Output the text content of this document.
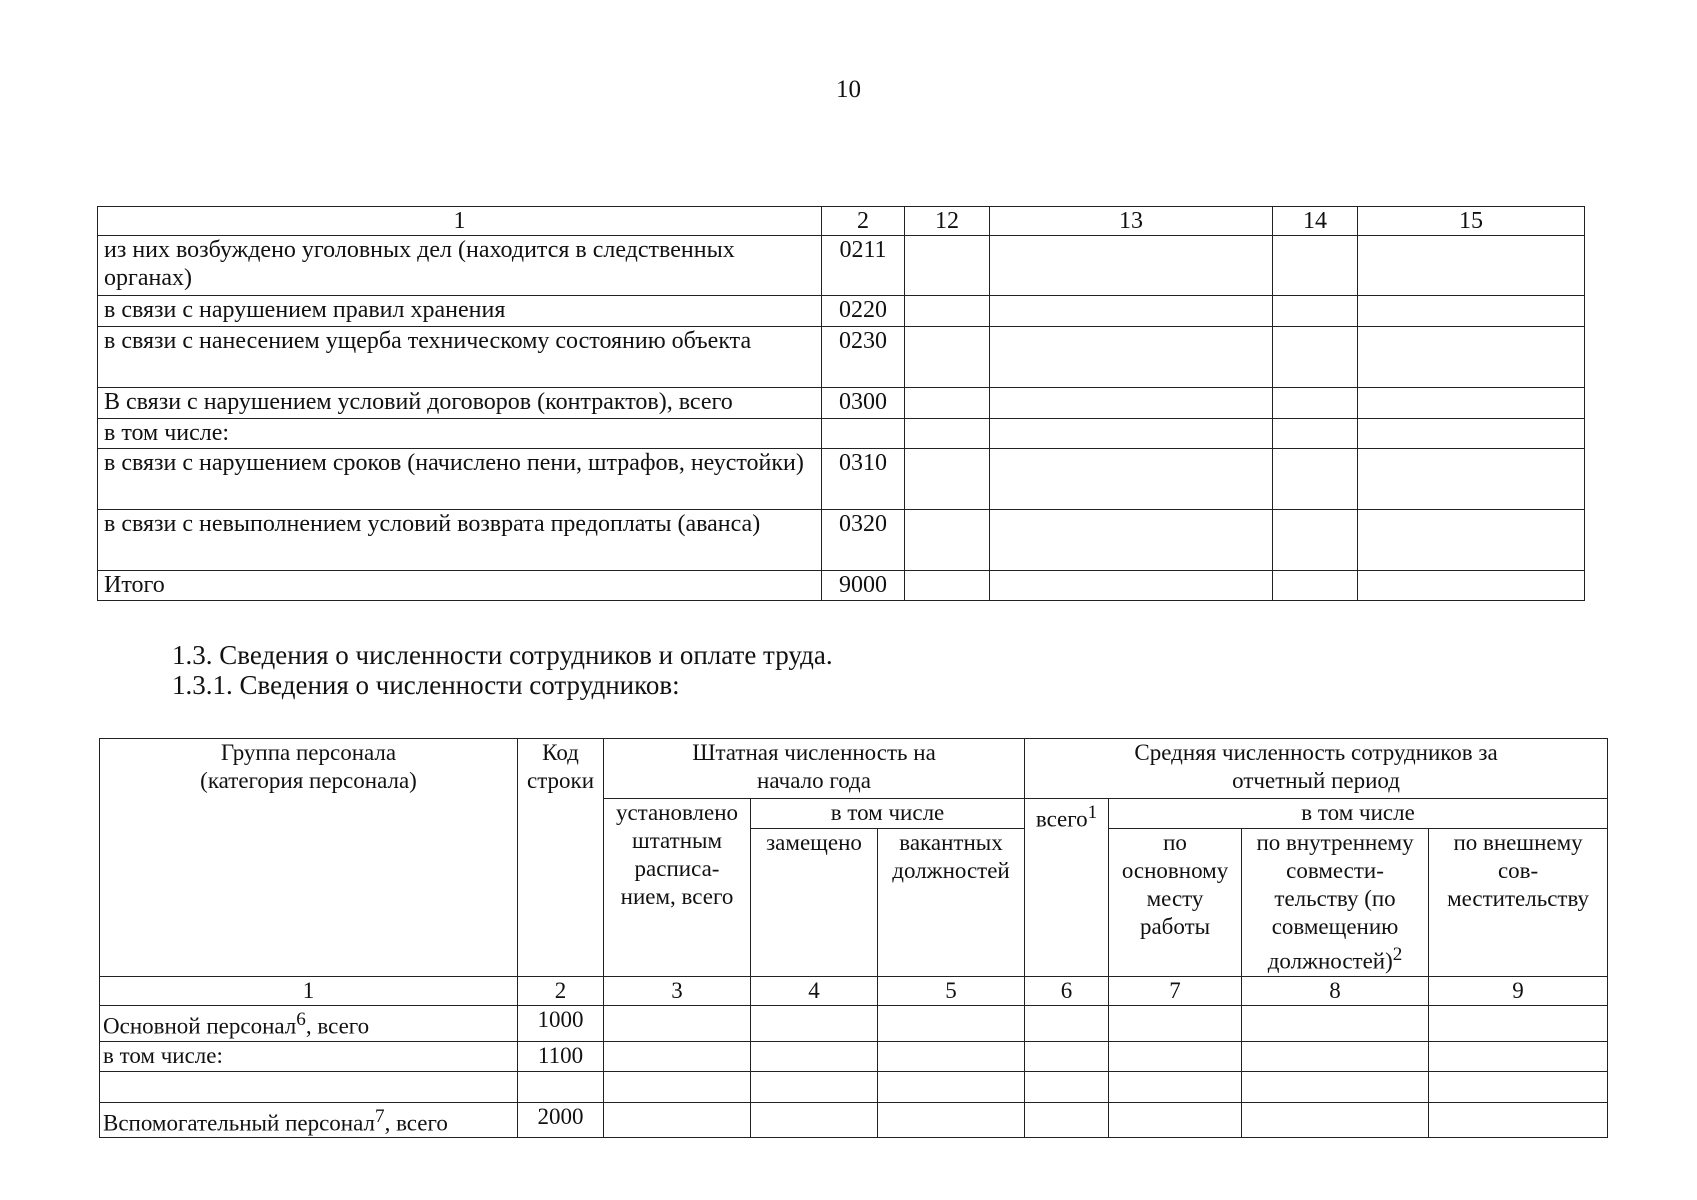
10
1	2	12	13	14	15
из них возбуждено уголовных дел (находится в следственных органах)	0211				
в связи с нарушением правил хранения	0220				
в связи с нанесением ущерба техническому состоянию объекта	0230				
В связи с нарушением условий договоров (контрактов), всего	0300				
в том числе:					
в связи с нарушением сроков (начислено пени, штрафов, неустойки)	0310				
в связи с невыполнением условий возврата предоплаты (аванса)	0320				
Итого	9000				
1.3. Сведения о численности сотрудников и оплате труда.
1.3.1. Сведения о численности сотрудников:
Группа персонала (категория персонала)	Код строки	Штатная численность на начало года			Средняя численность сотрудников за отчетный период			
		установлено штатным расписа- нием, всего	в том числе		всего$^1$	в том числе		
			замещено	вакантных должностей		по основному месту работы	по внутреннему совмести- тельству (по совмещению должностей)$^2$	по внешнему сов- местительству
1	2	3	4	5	6	7	8	9
Основной персонал$^6$, всего	1000							
в том числе:	1100							

Вспомогательный персонал$^7$, всего	2000							
